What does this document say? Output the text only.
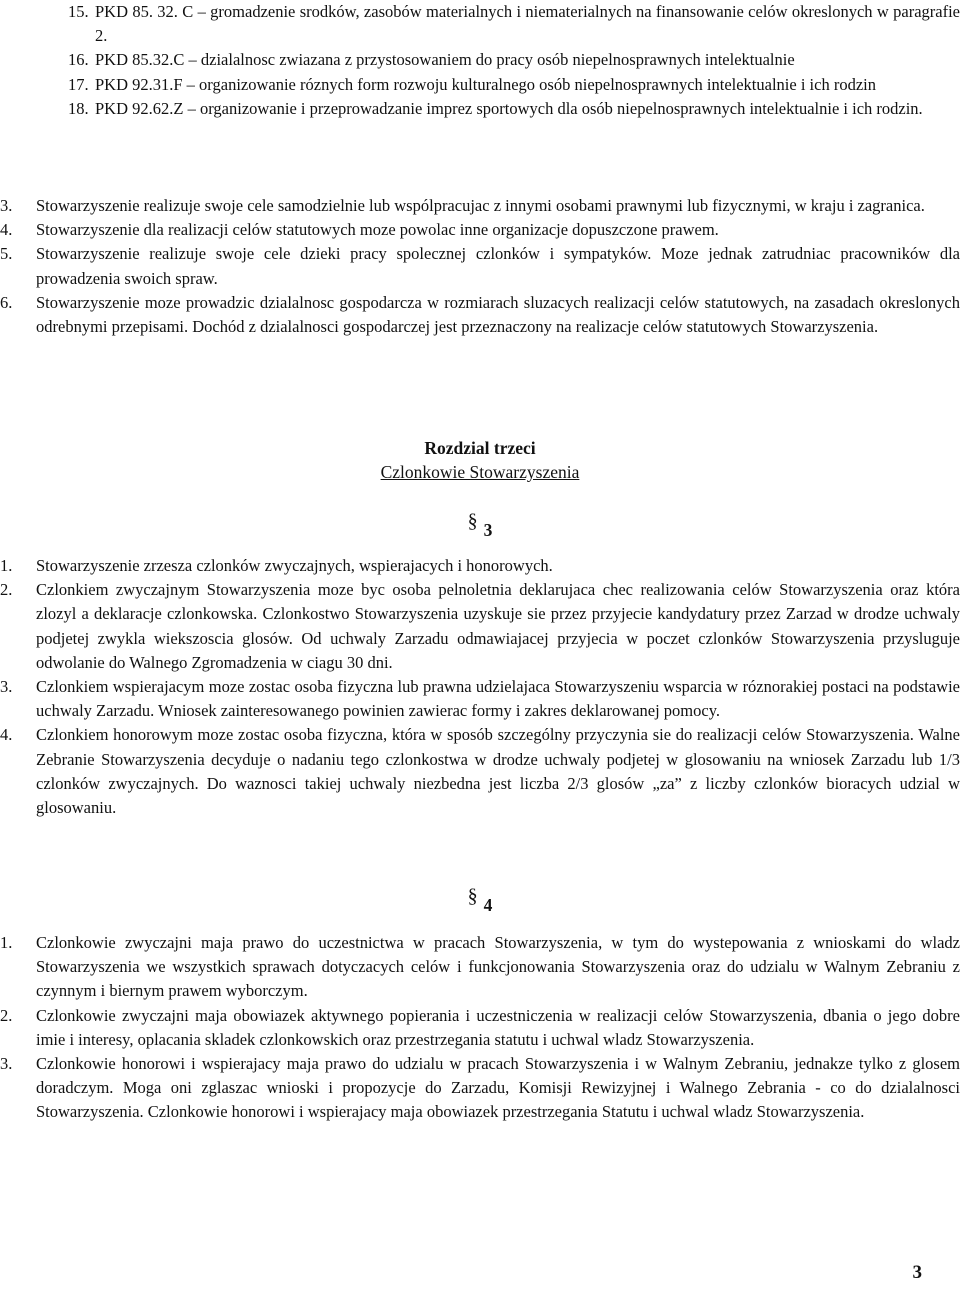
15. PKD 85. 32. C – gromadzenie srodków, zasobów materialnych i niematerialnych na finansowanie celów okreslonych w paragrafie 2.
16. PKD 85.32.C – dzialalnosc zwiazana z przystosowaniem do pracy osób niepelnosprawnych intelektualnie
17. PKD 92.31.F – organizowanie róznych form rozwoju kulturalnego osób niepelnosprawnych intelektualnie i ich rodzin
18. PKD 92.62.Z – organizowanie i przeprowadzanie imprez sportowych dla osób niepelnosprawnych intelektualnie i ich rodzin.
3. Stowarzyszenie realizuje swoje cele samodzielnie lub wspólpracujac z innymi osobami prawnymi lub fizycznymi, w kraju i zagranica.
4. Stowarzyszenie dla realizacji celów statutowych moze powolac inne organizacje dopuszczone prawem.
5. Stowarzyszenie realizuje swoje cele dzieki pracy spolecznej czlonków i sympatyków. Moze jednak zatrudniac pracowników dla prowadzenia swoich spraw.
6. Stowarzyszenie moze prowadzic dzialalnosc gospodarcza w rozmiarach sluzacych realizacji celów statutowych, na zasadach okreslonych odrebnymi przepisami. Dochód z dzialalnosci gospodarczej jest przeznaczony na realizacje celów statutowych Stowarzyszenia.
Rozdzial trzeci
Czlonkowie Stowarzyszenia
§ 3
1. Stowarzyszenie zrzesza czlonków zwyczajnych, wspierajacych i honorowych.
2. Czlonkiem zwyczajnym Stowarzyszenia moze byc osoba pelnoletnia deklarujaca chec realizowania celów Stowarzyszenia oraz która zlozyl a deklaracje czlonkowska. Czlonkostwo Stowarzyszenia uzyskuje sie przez przyjecie kandydatury przez Zarzad w drodze uchwaly podjetej zwykla wiekszoscia glosów. Od uchwaly Zarzadu odmawiajacej przyjecia w poczet czlonków Stowarzyszenia przysluguje odwolanie do Walnego Zgromadzenia w ciagu 30 dni.
3. Czlonkiem wspierajacym moze zostac osoba fizyczna lub prawna udzielajaca Stowarzyszeniu wsparcia w róznorakiej postaci na podstawie uchwaly Zarzadu. Wniosek zainteresowanego powinien zawierac formy i zakres deklarowanej pomocy.
4. Czlonkiem honorowym moze zostac osoba fizyczna, która w sposób szczególny przyczynia sie do realizacji celów Stowarzyszenia. Walne Zebranie Stowarzyszenia decyduje o nadaniu tego czlonkostwa w drodze uchwaly podjetej w glosowaniu na wniosek Zarzadu lub 1/3 czlonków zwyczajnych. Do waznosci takiej uchwaly niezbedna jest liczba 2/3 glosów „za” z liczby czlonków bioracych udzial w glosowaniu.
§ 4
1. Czlonkowie zwyczajni maja prawo do uczestnictwa w pracach Stowarzyszenia, w tym do wystepowania z wnioskami do wladz Stowarzyszenia we wszystkich sprawach dotyczacych celów i funkcjonowania Stowarzyszenia oraz do udzialu w Walnym Zebraniu z czynnym i biernym prawem wyborczym.
2. Czlonkowie zwyczajni maja obowiazek aktywnego popierania i uczestniczenia w realizacji celów Stowarzyszenia, dbania o jego dobre imie i interesy, oplacania skladek czlonkowskich oraz przestrzegania statutu i uchwal wladz Stowarzyszenia.
3. Czlonkowie honorowi i wspierajacy maja prawo do udzialu w pracach Stowarzyszenia i w Walnym Zebraniu, jednakze tylko z glosem doradczym. Moga oni zglaszac wnioski i propozycje do Zarzadu, Komisji Rewizyjnej i Walnego Zebrania - co do dzialalnosci Stowarzyszenia. Czlonkowie honorowi i wspierajacy maja obowiazek przestrzegania Statutu i uchwal wladz Stowarzyszenia.
3
